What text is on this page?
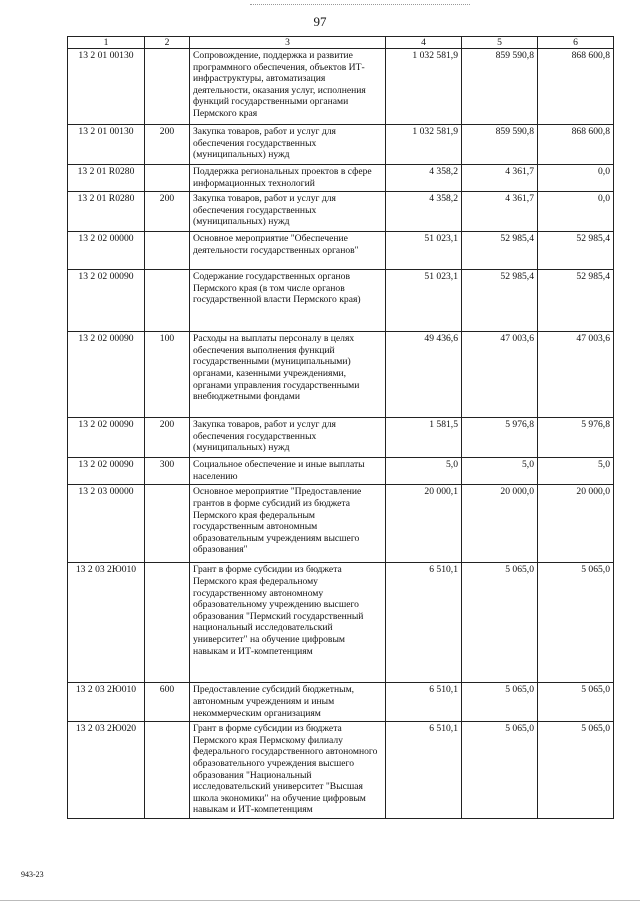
97
1	2	3	4	5	6
13 2 01 00130		Сопровождение, поддержка и развитие программного обеспечения, объектов ИТ-инфраструктуры, автоматизация деятельности, оказания услуг, исполнения функций государственными органами Пермского края	1 032 581,9	859 590,8	868 600,8
13 2 01 00130	200	Закупка товаров, работ и услуг для обеспечения государственных (муниципальных) нужд	1 032 581,9	859 590,8	868 600,8
13 2 01 R0280		Поддержка региональных проектов в сфере информационных технологий	4 358,2	4 361,7	0,0
13 2 01 R0280	200	Закупка товаров, работ и услуг для обеспечения государственных (муниципальных) нужд	4 358,2	4 361,7	0,0
13 2 02 00000		Основное мероприятие "Обеспечение деятельности государственных органов"	51 023,1	52 985,4	52 985,4
13 2 02 00090		Содержание государственных органов Пермского края (в том числе органов государственной власти Пермского края)	51 023,1	52 985,4	52 985,4
13 2 02 00090	100	Расходы на выплаты персоналу в целях обеспечения выполнения функций государственными (муниципальными) органами, казенными учреждениями, органами управления государственными внебюджетными фондами	49 436,6	47 003,6	47 003,6
13 2 02 00090	200	Закупка товаров, работ и услуг для обеспечения государственных (муниципальных) нужд	1 581,5	5 976,8	5 976,8
13 2 02 00090	300	Социальное обеспечение и иные выплаты населению	5,0	5,0	5,0
13 2 03 00000		Основное мероприятие "Предоставление грантов в форме субсидий из бюджета Пермского края федеральным государственным автономным образовательным учреждениям высшего образования"	20 000,1	20 000,0	20 000,0
13 2 03 2Ю010		Грант в форме субсидии из бюджета Пермского края федеральному государственному автономному образовательному учреждению высшего образования "Пермский государственный национальный исследовательский университет" на обучение цифровым навыкам и ИТ-компетенциям	6 510,1	5 065,0	5 065,0
13 2 03 2Ю010	600	Предоставление субсидий бюджетным, автономным учреждениям и иным некоммерческим организациям	6 510,1	5 065,0	5 065,0
13 2 03 2Ю020		Грант в форме субсидии из бюджета Пермского края Пермскому филиалу федерального государственного автономного образовательного учреждения высшего образования "Национальный исследовательский университет "Высшая школа экономики" на обучение цифровым навыкам и ИТ-компетенциям	6 510,1	5 065,0	5 065,0
943-23
